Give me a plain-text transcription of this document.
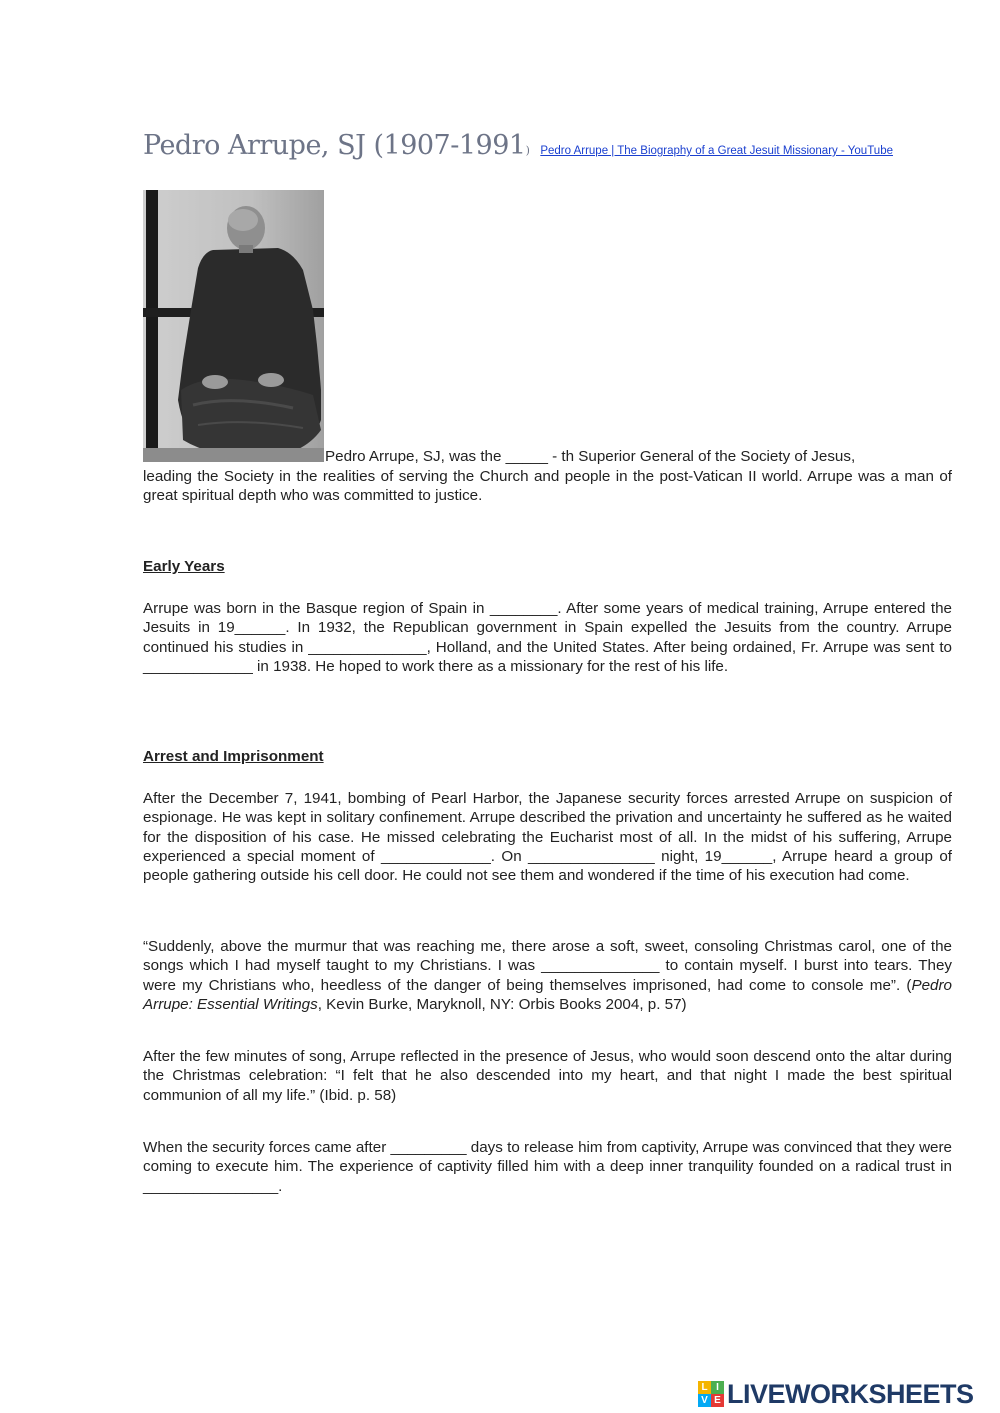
Pedro Arrupe, SJ (1907-1991) Pedro Arrupe | The Biography of a Great Jesuit Missionary - YouTube
Pedro Arrupe, SJ, was the _____ - th Superior General of the Society of Jesus,
leading the Society in the realities of serving the Church and people in the post-Vatican II world. Arrupe was a man of great spiritual depth who was committed to justice.
Early Years
Arrupe was born in the Basque region of Spain in ________. After some years of medical training, Arrupe entered the Jesuits in 19______. In 1932, the Republican government in Spain expelled the Jesuits from the country. Arrupe continued his studies in ______________, Holland, and the United States. After being ordained, Fr. Arrupe was sent to _____________ in 1938. He hoped to work there as a missionary for the rest of his life.
Arrest and Imprisonment
After the December 7, 1941, bombing of Pearl Harbor, the Japanese security forces arrested Arrupe on suspicion of espionage. He was kept in solitary confinement. Arrupe described the privation and uncertainty he suffered as he waited for the disposition of his case. He missed celebrating the Eucharist most of all. In the midst of his suffering, Arrupe experienced a special moment of _____________. On _______________ night, 19______, Arrupe heard a group of people gathering outside his cell door. He could not see them and wondered if the time of his execution had come.
“Suddenly, above the murmur that was reaching me, there arose a soft, sweet, consoling Christmas carol, one of the songs which I had myself taught to my Christians. I was ______________ to contain myself. I burst into tears. They were my Christians who, heedless of the danger of being themselves imprisoned, had come to console me”. (Pedro Arrupe: Essential Writings, Kevin Burke, Maryknoll, NY: Orbis Books 2004, p. 57)
After the few minutes of song, Arrupe reflected in the presence of Jesus, who would soon descend onto the altar during the Christmas celebration: “I felt that he also descended into my heart, and that night I made the best spiritual communion of all my life.” (Ibid. p. 58)
When the security forces came after _________ days to release him from captivity, Arrupe was convinced that they were coming to execute him. The experience of captivity filled him with a deep inner tranquility founded on a radical trust in ________________.
L I
V E LIVEWORKSHEETS
